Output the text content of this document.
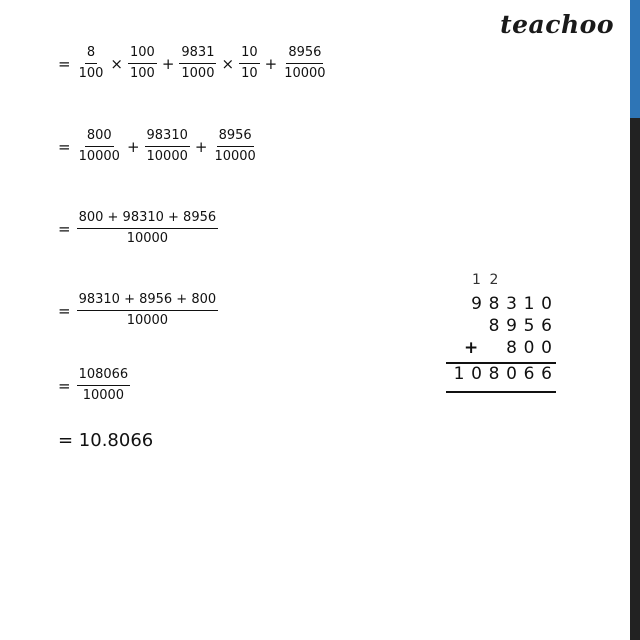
teachoo
= $\frac{8}{100} \times \frac{100}{100} + \frac{9831}{1000} \times \frac{10}{10} + \frac{8956}{10000}$
= $\frac{800}{10000} + \frac{98310}{10000} + \frac{8956}{10000}$
= $\frac{800 + 98310 + 8956}{10000}$
= $\frac{98310 + 8956 + 800}{10000}$
= $\frac{108066}{10000}$
= 10.8066
1 2
9 8 3 1 0
8 9 5 6
+ 8 0 0
1 0 8 0 6 6
